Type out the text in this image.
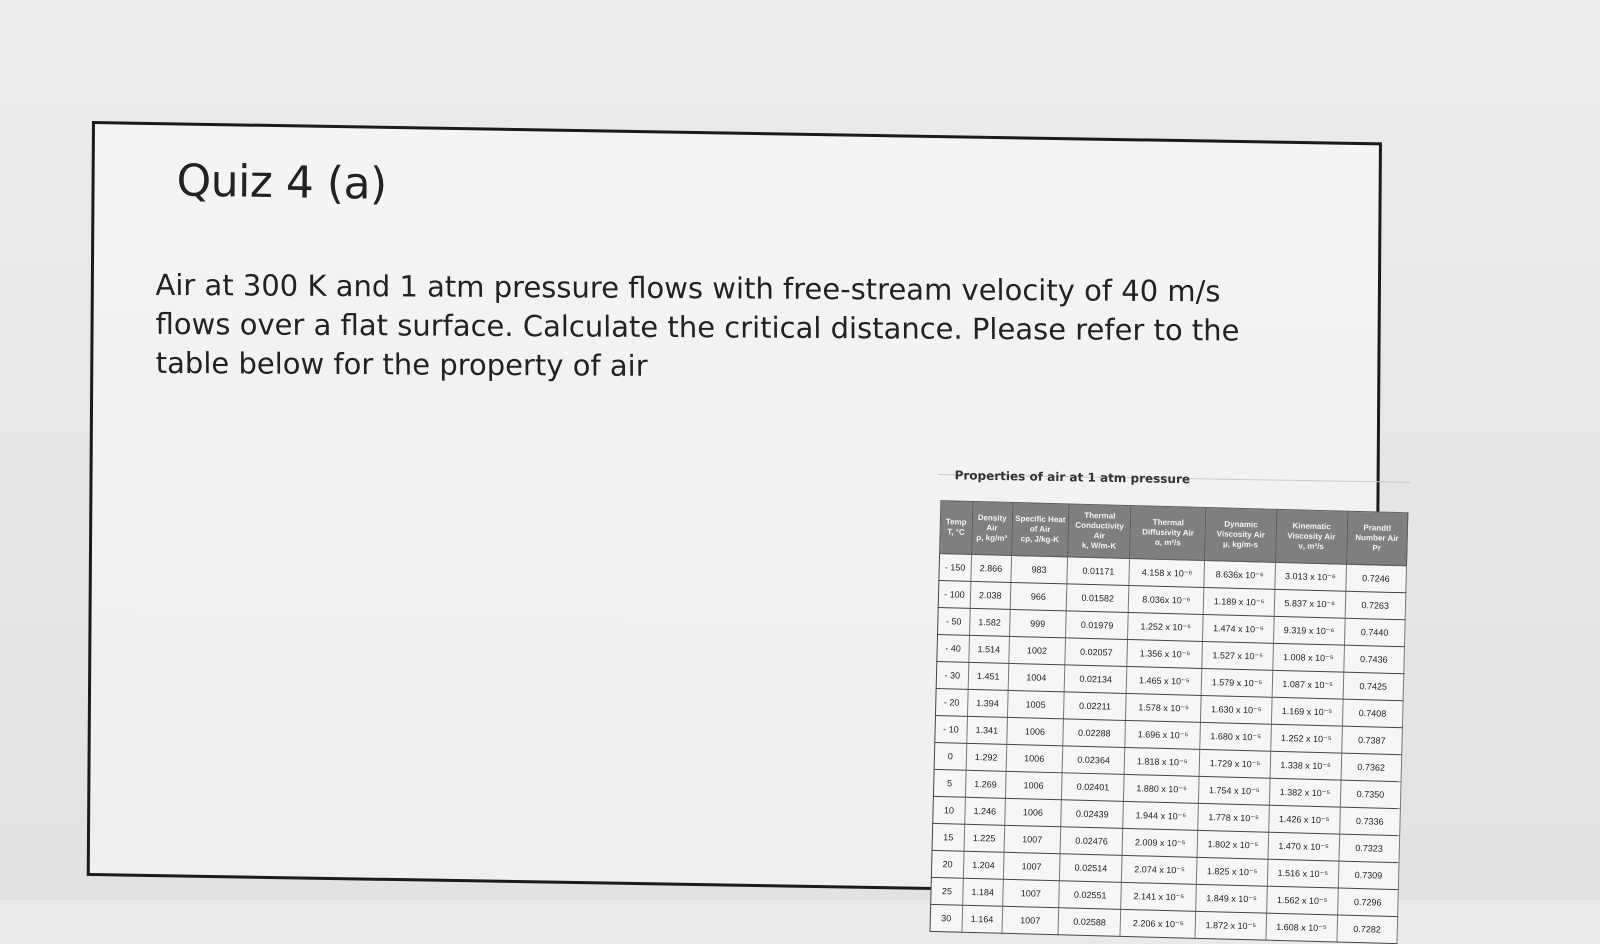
Quiz 4 (a)
Air at 300 K and 1 atm pressure flows with free-stream velocity of 40 m/s flows over a flat surface. Calculate the critical distance. Please refer to the table below for the property of air
Properties of air at 1 atm pressure
Temp
T, °C	Density
Air
ρ, kg/m³	Specific Heat
of Air
cp, J/kg-K	Thermal
Conductivity
Air
k, W/m-K	Thermal
Diffusivity Air
α, m²/s	Dynamic
Viscosity Air
μ, kg/m-s	Kinematic
Viscosity Air
ν, m²/s	Prandtl
Number Air
Pr

- 150	2.866	983	0.01171	4.158 x 10⁻⁶	8.636x 10⁻⁶	3.013 x 10⁻⁶	0.7246
- 100	2.038	966	0.01582	8.036x 10⁻⁶	1.189 x 10⁻⁵	5.837 x 10⁻⁶	0.7263
- 50	1.582	999	0.01979	1.252 x 10⁻⁵	1.474 x 10⁻⁵	9.319 x 10⁻⁶	0.7440
- 40	1.514	1002	0.02057	1.356 x 10⁻⁵	1.527 x 10⁻⁵	1.008 x 10⁻⁵	0.7436
- 30	1.451	1004	0.02134	1.465 x 10⁻⁵	1.579 x 10⁻⁵	1.087 x 10⁻⁵	0.7425
- 20	1.394	1005	0.02211	1.578 x 10⁻⁵	1.630 x 10⁻⁵	1.169 x 10⁻⁵	0.7408
- 10	1.341	1006	0.02288	1.696 x 10⁻⁵	1.680 x 10⁻⁵	1.252 x 10⁻⁵	0.7387
0	1.292	1006	0.02364	1.818 x 10⁻⁵	1.729 x 10⁻⁵	1.338 x 10⁻⁵	0.7362
5	1.269	1006	0.02401	1.880 x 10⁻⁵	1.754 x 10⁻⁵	1.382 x 10⁻⁵	0.7350
10	1.246	1006	0.02439	1.944 x 10⁻⁵	1.778 x 10⁻⁵	1.426 x 10⁻⁵	0.7336
15	1.225	1007	0.02476	2.009 x 10⁻⁵	1.802 x 10⁻⁵	1.470 x 10⁻⁵	0.7323
20	1.204	1007	0.02514	2.074 x 10⁻⁵	1.825 x 10⁻⁵	1.516 x 10⁻⁵	0.7309
25	1.184	1007	0.02551	2.141 x 10⁻⁵	1.849 x 10⁻⁵	1.562 x 10⁻⁵	0.7296
30	1.164	1007	0.02588	2.206 x 10⁻⁵	1.872 x 10⁻⁵	1.608 x 10⁻⁵	0.7282
